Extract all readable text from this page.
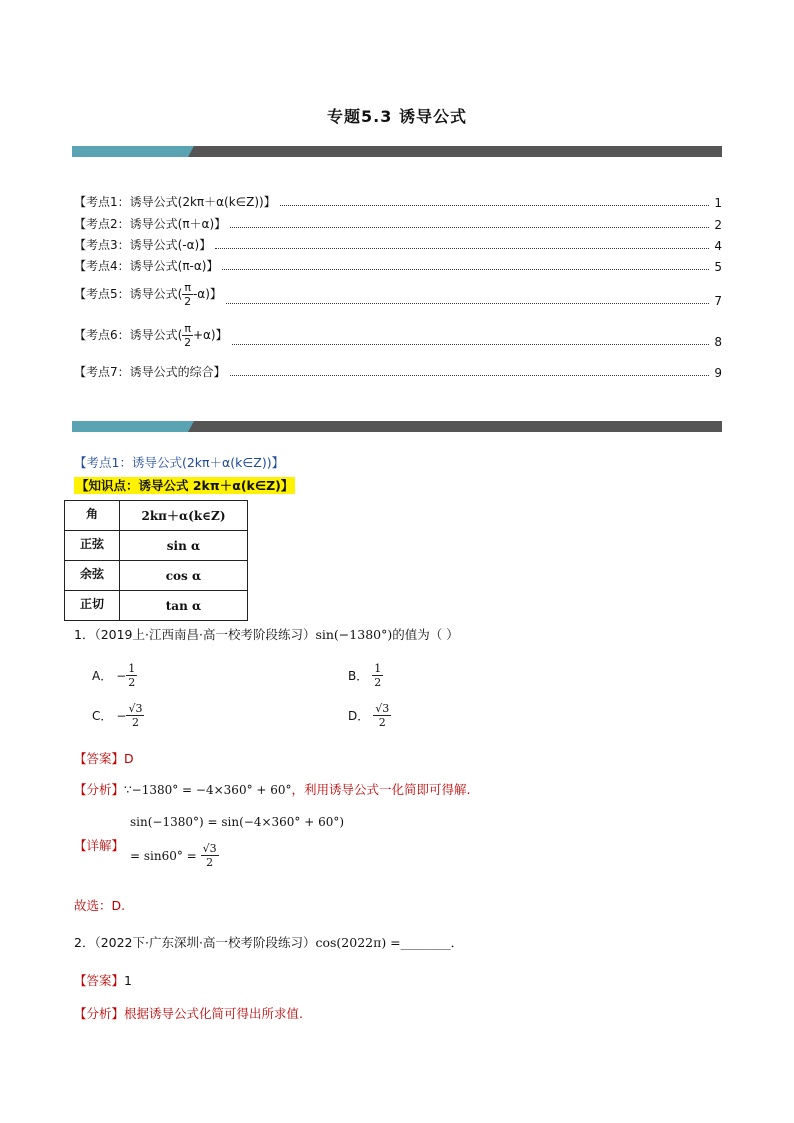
专题5.3 诱导公式
【考点1：诱导公式(2kπ＋α(k∈Z))】	1
【考点2：诱导公式(π＋α)】	2
【考点3：诱导公式(-α)】	4
【考点4：诱导公式(π-α)】	5
【考点5：诱导公式( $\frac{\pi}{2} -\alpha$)】	7
【考点6：诱导公式( $\frac{\pi}{2} +\alpha$)】	8
【考点7：诱导公式的综合】	9
【考点1：诱导公式(2kπ＋α(k∈Z))】
【知识点：诱导公式 2kπ＋α(k∈Z)】
角	2kπ＋α(k∈Z)
正弦	sin α
余弦	cos α
正切	tan α
1．（2019上·江西南昌·高一校考阶段练习）sin(−1380°)的值为（ ）
A． − $\frac{1}{2}$	B． $\frac{1}{2}$
C． − $\frac{√3}{2}$	D． $\frac{√3}{2}$
【答案】D
【分析】∵−1380° = −4×360° + 60°，利用诱导公式一化简即可得解.
sin(−1380°) = sin(−4×360° + 60°)
【详解】
= sin60° =
$\frac{√3}{2}$
故选：D.
2．（2022下·广东深圳·高一校考阶段练习）cos(2022π) =________．
【答案】1
【分析】根据诱导公式化简可得出所求值.
